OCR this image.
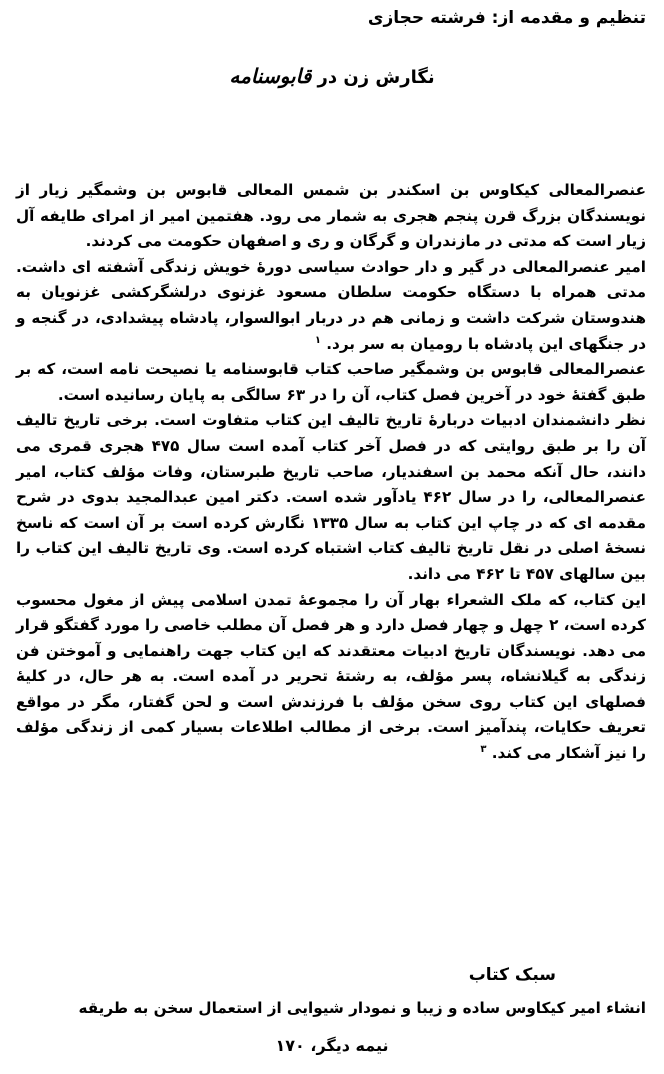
تنظیم و مقدمه از: فرشته حجازی
نگارش زن در قابوسنامه

عنصرالمعالی کیکاوس بن اسکندر بن شمس المعالی قابوس بن وشمگیر زیار از نویسندگان بزرگ قرن پنجم هجری به شمار می رود. هفتمین امیر از امرای طایفه آل زیار است که مدتی در مازندران و گرگان و ری و اصفهان حکومت می کردند.

امیر عنصرالمعالی در گیر و دار حوادث سیاسی دورهٔ خویش زندگی آشفته ای داشت. مدتی همراه با دستگاه حکومت سلطان مسعود غزنوی درلشگرکشی غزنویان به هندوستان شرکت داشت و زمانی هم در دربار ابوالسوار، پادشاه پیشدادی، در گنجه و در جنگهای این پادشاه با رومیان به سر برد. $^۱$

عنصرالمعالی قابوس بن وشمگیر صاحب کتاب قابوسنامه یا نصیحت نامه است، که بر طبق گفتهٔ خود در آخرین فصل کتاب، آن را در ۶۳ سالگی به پایان رسانیده است.

نظر دانشمندان ادبیات دربارهٔ تاریخ تالیف این کتاب متفاوت است. برخی تاریخ تالیف آن را بر طبق روایتی که در فصل آخر کتاب آمده است سال ۴۷۵ هجری قمری می دانند، حال آنکه محمد بن اسفندیار، صاحب تاریخ طبرستان، وفات مؤلف کتاب، امیر عنصرالمعالی، را در سال ۴۶۲ یادآور شده است. دکتر امین عبدالمجید بدوی در شرح مقدمه ای که در چاپ این کتاب به سال ۱۳۳۵ نگارش کرده است بر آن است که ناسخ نسخهٔ اصلی در نقل تاریخ تالیف کتاب اشتباه کرده است. وی تاریخ تالیف این کتاب را بین سالهای ۴۵۷ تا ۴۶۲ می داند.

این کتاب، که ملک الشعراء بهار آن را مجموعهٔ تمدن اسلامی پیش از مغول محسوب کرده است، ۲ چهل و چهار فصل دارد و هر فصل آن مطلب خاصی را مورد گفتگو قرار می دهد. نویسندگان تاریخ ادبیات معتقدند که این کتاب جهت راهنمایی و آموختن فن زندگی به گیلانشاه، پسر مؤلف، به رشتهٔ تحریر در آمده است. به هر حال، در کلیهٔ فصلهای این کتاب روی سخن مؤلف با فرزندش است و لحن گفتار، مگر در مواقع تعریف حکایات، پندآمیز است. برخی از مطالب اطلاعات بسیار کمی از زندگی مؤلف را نیز آشکار می کند. $^۳$

سبک کتاب
انشاء امیر کیکاوس ساده و زیبا و نمودار شیوایی از استعمال سخن به طریقه
نیمه دیگر، ۱۷۰
